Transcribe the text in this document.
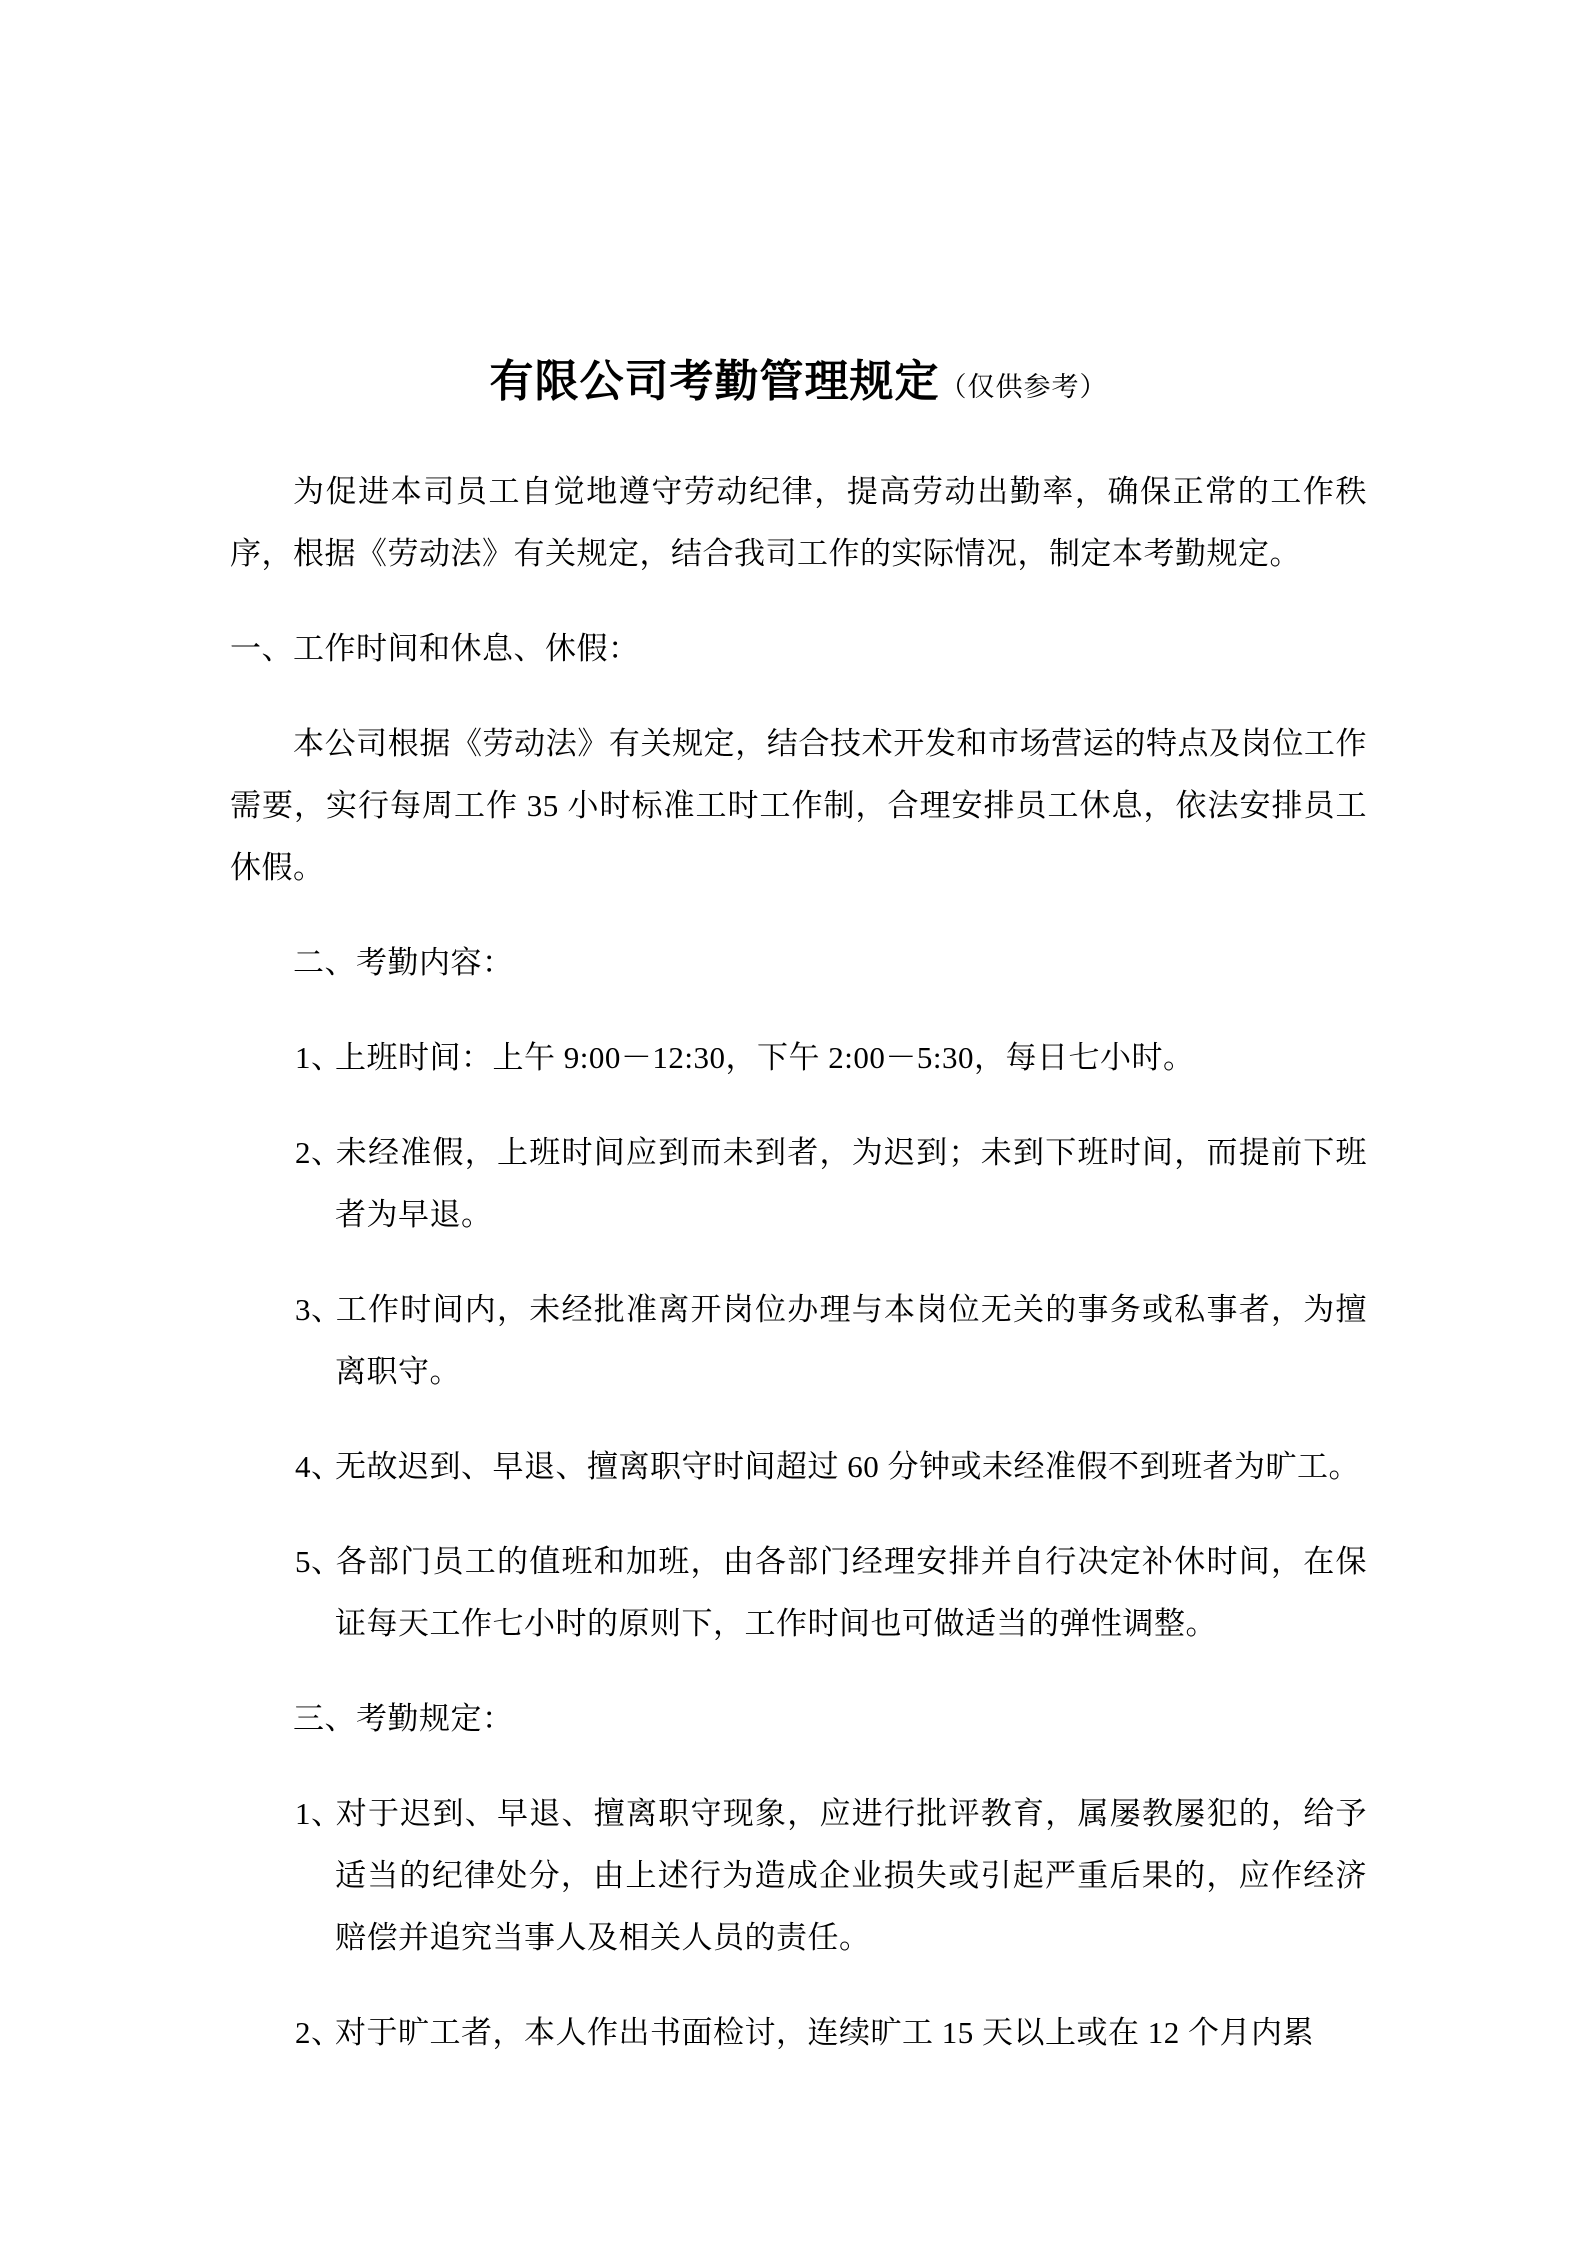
有限公司考勤管理规定（仅供参考）

为促进本司员工自觉地遵守劳动纪律，提高劳动出勤率，确保正常的工作秩序，根据《劳动法》有关规定，结合我司工作的实际情况，制定本考勤规定。

一、工作时间和休息、休假：

本公司根据《劳动法》有关规定，结合技术开发和市场营运的特点及岗位工作需要，实行每周工作 35 小时标准工时工作制，合理安排员工休息，依法安排员工休假。

二、考勤内容：

1、上班时间：上午 9:00－12:30，下午 2:00－5:30，每日七小时。

2、未经准假，上班时间应到而未到者，为迟到；未到下班时间，而提前下班者为早退。

3、工作时间内，未经批准离开岗位办理与本岗位无关的事务或私事者，为擅离职守。

4、无故迟到、早退、擅离职守时间超过 60 分钟或未经准假不到班者为旷工。

5、各部门员工的值班和加班，由各部门经理安排并自行决定补休时间，在保证每天工作七小时的原则下，工作时间也可做适当的弹性调整。

三、考勤规定：

1、对于迟到、早退、擅离职守现象，应进行批评教育，属屡教屡犯的，给予适当的纪律处分，由上述行为造成企业损失或引起严重后果的，应作经济赔偿并追究当事人及相关人员的责任。

2、对于旷工者，本人作出书面检讨，连续旷工 15 天以上或在 12 个月内累
